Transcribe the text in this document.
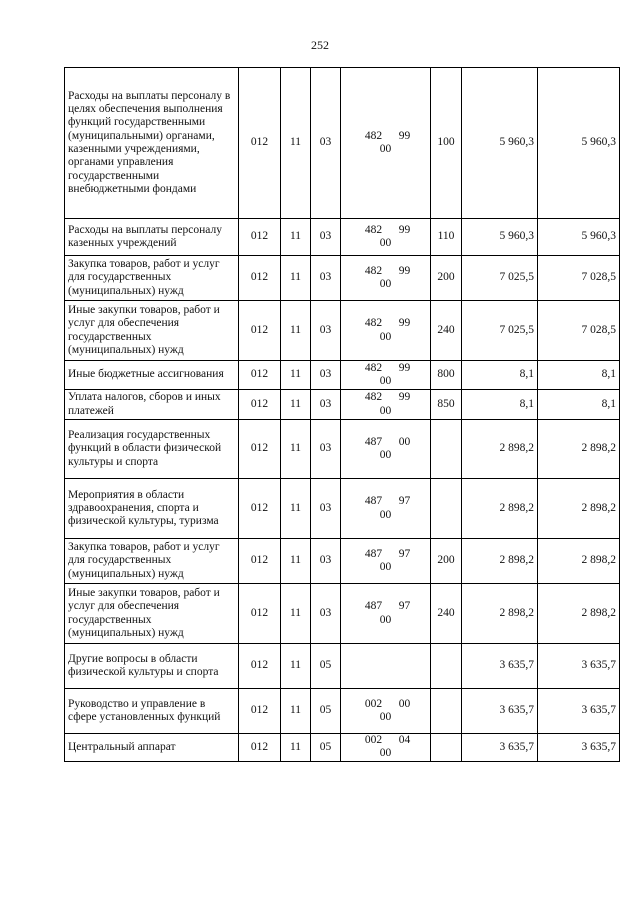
252
Расходы на выплаты персоналу в целях обеспечения выполнения функций государственными (муниципальными) органами, казенными учреждениями, органами управления государственными внебюджетными фондами	012	11	03	482 9900	100	5 960,3	5 960,3
Расходы на выплаты персоналу казенных учреждений	012	11	03	482 9900	110	5 960,3	5 960,3
Закупка товаров, работ и услуг для государственных (муниципальных) нужд	012	11	03	482 9900	200	7 025,5	7 028,5
Иные закупки товаров, работ и услуг для обеспечения государственных (муниципальных) нужд	012	11	03	482 9900	240	7 025,5	7 028,5
Иные бюджетные ассигнования	012	11	03	482 9900	800	8,1	8,1
Уплата налогов, сборов и иных платежей	012	11	03	482 9900	850	8,1	8,1
Реализация государственных функций в области физической культуры и спорта	012	11	03	487 0000		2 898,2	2 898,2
Мероприятия в области здравоохранения, спорта и физической культуры, туризма	012	11	03	487 9700		2 898,2	2 898,2
Закупка товаров, работ и услуг для государственных (муниципальных) нужд	012	11	03	487 9700	200	2 898,2	2 898,2
Иные закупки товаров, работ и услуг для обеспечения государственных (муниципальных) нужд	012	11	03	487 9700	240	2 898,2	2 898,2
Другие вопросы в области физической культуры и спорта	012	11	05			3 635,7	3 635,7
Руководство и управление в сфере установленных функций	012	11	05	002 0000		3 635,7	3 635,7
Центральный аппарат	012	11	05	002 0400		3 635,7	3 635,7
